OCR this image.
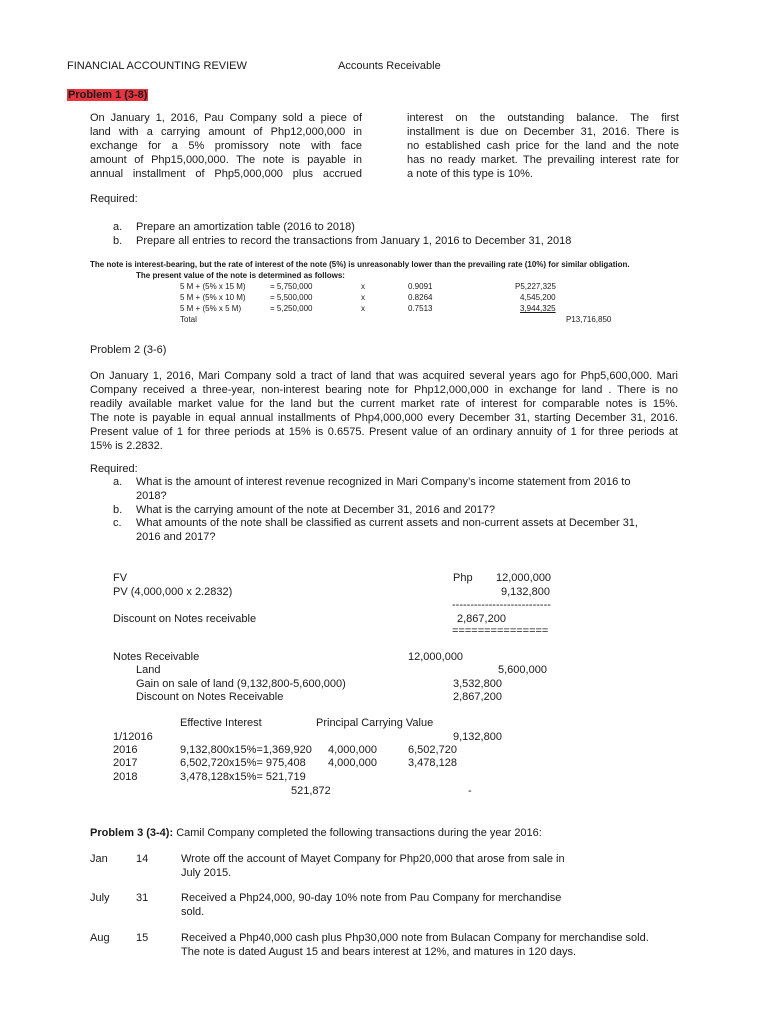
FINANCIAL ACCOUNTING REVIEW	Accounts Receivable
Problem 1 (3-8)
On January 1, 2016, Pau Company sold a piece of
land with a carrying amount of Php12,000,000 in
exchange for a 5% promissory note with face
amount of Php15,000,000. The note is payable in
annual installment of Php5,000,000 plus accrued
interest on the outstanding balance. The first
installment is due on December 31, 2016. There is
no established cash price for the land and the note
has no ready market. The prevailing interest rate for
a note of this type is 10%.
Required:
a. Prepare an amortization table (2016 to 2018)
b. Prepare all entries to record the transactions from January 1, 2016 to December 31, 2018
The note is interest-bearing, but the rate of interest of the note (5%) is unreasonably lower than the prevailing rate (10%) for similar obligation.
The present value of the note is determined as follows:
5 M + (5% x 15 M)	= 5,750,000	x	0.9091	P5,227,325
5 M + (5% x 10 M)	= 5,500,000	x	0.8264	4,545,200
5 M + (5% x 5 M)	= 5,250,000	x	0.7513	3,944,325
Total	P13,716,850
Problem 2 (3-6)
On January 1, 2016, Mari Company sold a tract of land that was acquired several years ago for Php5,600,000. Mari
Company received a three-year, non-interest bearing note for Php12,000,000 in exchange for land . There is no
readily available market value for the land but the current market rate of interest for comparable notes is 15%.
The note is payable in equal annual installments of Php4,000,000 every December 31, starting December 31, 2016.
Present value of 1 for three periods at 15% is 0.6575. Present value of an ordinary annuity of 1 for three periods at
15% is 2.2832.
Required:
a. What is the amount of interest revenue recognized in Mari Company’s income statement from 2016 to
2018?
b. What is the carrying amount of the note at December 31, 2016 and 2017?
c. What amounts of the note shall be classified as current assets and non-current assets at December 31,
2016 and 2017?
FV	Php 12,000,000
PV (4,000,000 x 2.2832)	9,132,800
---------------------------
Discount on Notes receivable	2,867,200
===============
Notes Receivable	12,000,000
Land	5,600,000
Gain on sale of land (9,132,800-5,600,000)	3,532,800
Discount on Notes Receivable	2,867,200
Effective Interest	Principal Carrying Value
1/12016	9,132,800
2016	9,132,800x15%=1,369,920 4,000,000	6,502,720
2017	6,502,720x15%= 975,408 4,000,000	3,478,128
2018	3,478,128x15%= 521,719
521,872	-
Problem 3 (3-4): Camil Company completed the following transactions during the year 2016:
Jan	14	Wrote off the account of Mayet Company for Php20,000 that arose from sale in
July 2015.
July 31	Received a Php24,000, 90-day 10% note from Pau Company for merchandise
sold.
Aug 15	Received a Php40,000 cash plus Php30,000 note from Bulacan Company for merchandise sold.
The note is dated August 15 and bears interest at 12%, and matures in 120 days.
